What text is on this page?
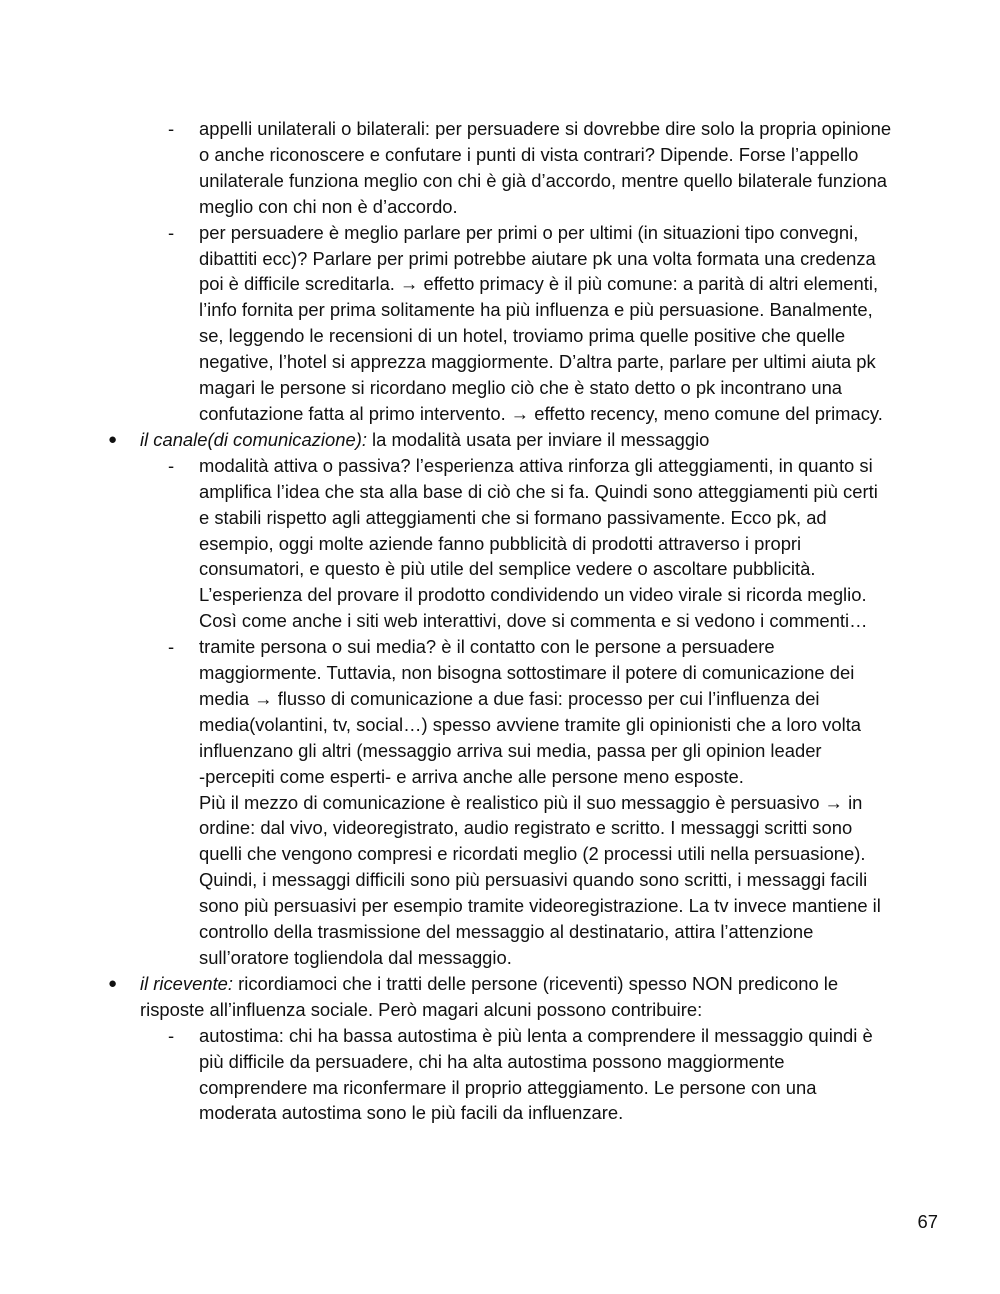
- appelli unilaterali o bilaterali: per persuadere si dovrebbe dire solo la propria opinione
o anche riconoscere e confutare i punti di vista contrari? Dipende. Forse l’appello
unilaterale funziona meglio con chi è già d’accordo, mentre quello bilaterale funziona
meglio con chi non è d’accordo.
- per persuadere è meglio parlare per primi o per ultimi (in situazioni tipo convegni,
dibattiti ecc)? Parlare per primi potrebbe aiutare pk una volta formata una credenza
poi è difficile screditarla. → effetto primacy è il più comune: a parità di altri elementi,
l’info fornita per prima solitamente ha più influenza e più persuasione. Banalmente,
se, leggendo le recensioni di un hotel, troviamo prima quelle positive che quelle
negative, l’hotel si apprezza maggiormente. D’altra parte, parlare per ultimi aiuta pk
magari le persone si ricordano meglio ciò che è stato detto o pk incontrano una
confutazione fatta al primo intervento. → effetto recency, meno comune del primacy.
● il canale(di comunicazione): la modalità usata per inviare il messaggio
- modalità attiva o passiva? l’esperienza attiva rinforza gli atteggiamenti, in quanto si
amplifica l’idea che sta alla base di ciò che si fa. Quindi sono atteggiamenti più certi
e stabili rispetto agli atteggiamenti che si formano passivamente. Ecco pk, ad
esempio, oggi molte aziende fanno pubblicità di prodotti attraverso i propri
consumatori, e questo è più utile del semplice vedere o ascoltare pubblicità.
L’esperienza del provare il prodotto condividendo un video virale si ricorda meglio.
Così come anche i siti web interattivi, dove si commenta e si vedono i commenti…
- tramite persona o sui media? è il contatto con le persone a persuadere
maggiormente. Tuttavia, non bisogna sottostimare il potere di comunicazione dei
media → flusso di comunicazione a due fasi: processo per cui l’influenza dei
media(volantini, tv, social…) spesso avviene tramite gli opinionisti che a loro volta
influenzano gli altri (messaggio arriva sui media, passa per gli opinion leader
-percepiti come esperti- e arriva anche alle persone meno esposte.
Più il mezzo di comunicazione è realistico più il suo messaggio è persuasivo → in
ordine: dal vivo, videoregistrato, audio registrato e scritto. I messaggi scritti sono
quelli che vengono compresi e ricordati meglio (2 processi utili nella persuasione).
Quindi, i messaggi difficili sono più persuasivi quando sono scritti, i messaggi facili
sono più persuasivi per esempio tramite videoregistrazione. La tv invece mantiene il
controllo della trasmissione del messaggio al destinatario, attira l’attenzione
sull’oratore togliendola dal messaggio.
● il ricevente: ricordiamoci che i tratti delle persone (riceventi) spesso NON predicono le
risposte all’influenza sociale. Però magari alcuni possono contribuire:
- autostima: chi ha bassa autostima è più lenta a comprendere il messaggio quindi è
più difficile da persuadere, chi ha alta autostima possono maggiormente
comprendere ma riconfermare il proprio atteggiamento. Le persone con una
moderata autostima sono le più facili da influenzare.
67
